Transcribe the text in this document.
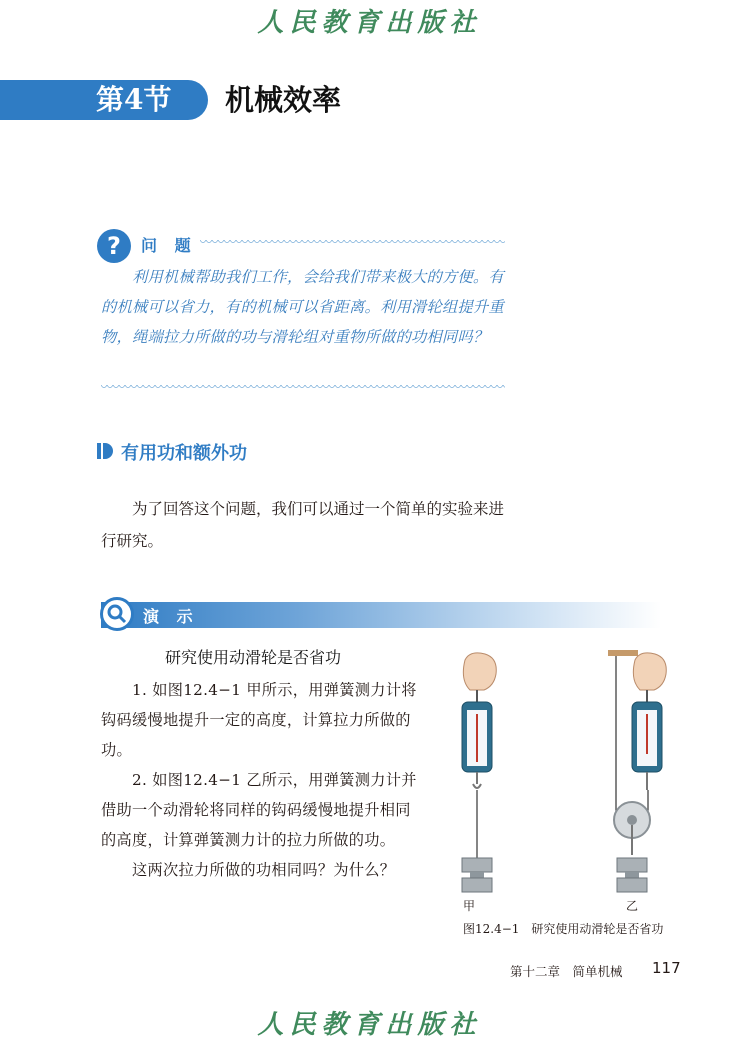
人民教育出版社
第4节 机械效率
?	问 题

利用机械帮助我们工作，会给我们带来极大的方便。有的机械可以省力，有的机械可以省距离。利用滑轮组提升重物，绳端拉力所做的功与滑轮组对重物所做的功相同吗？

有用功和额外功

为了回答这个问题，我们可以通过一个简单的实验来进行研究。

演 示
研究使用动滑轮是否省功

1. 如图12.4−1 甲所示，用弹簧测力计将钩码缓慢地提升一定的高度，计算拉力所做的功。

2. 如图12.4−1 乙所示，用弹簧测力计并借助一个动滑轮将同样的钩码缓慢地提升相同的高度，计算弹簧测力计的拉力所做的功。

这两次拉力所做的功相同吗？为什么？

甲	乙
图12.4−1　研究使用动滑轮是否省功
第十二章　简单机械 117
人民教育出版社
